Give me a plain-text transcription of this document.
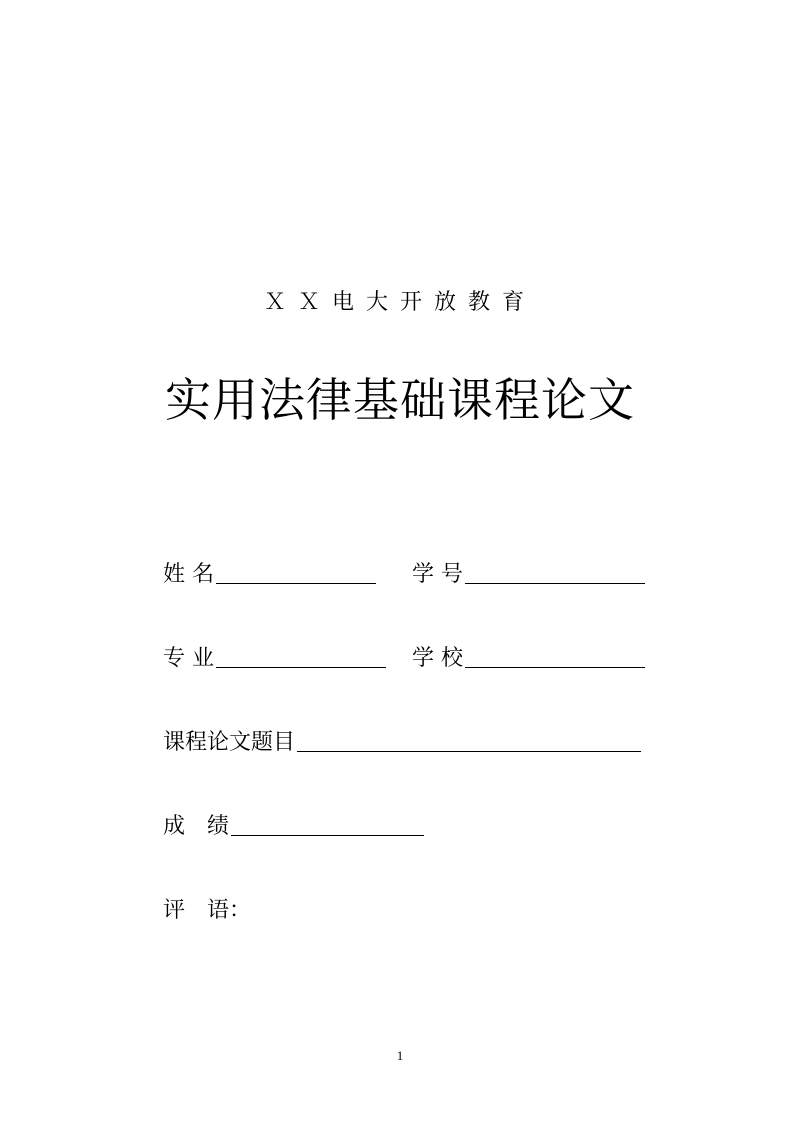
ＸＸ电大开放教育
实用法律基础课程论文
姓 名	学 号
专 业	学 校
课程论文题目
成　绩
评　语：
1
